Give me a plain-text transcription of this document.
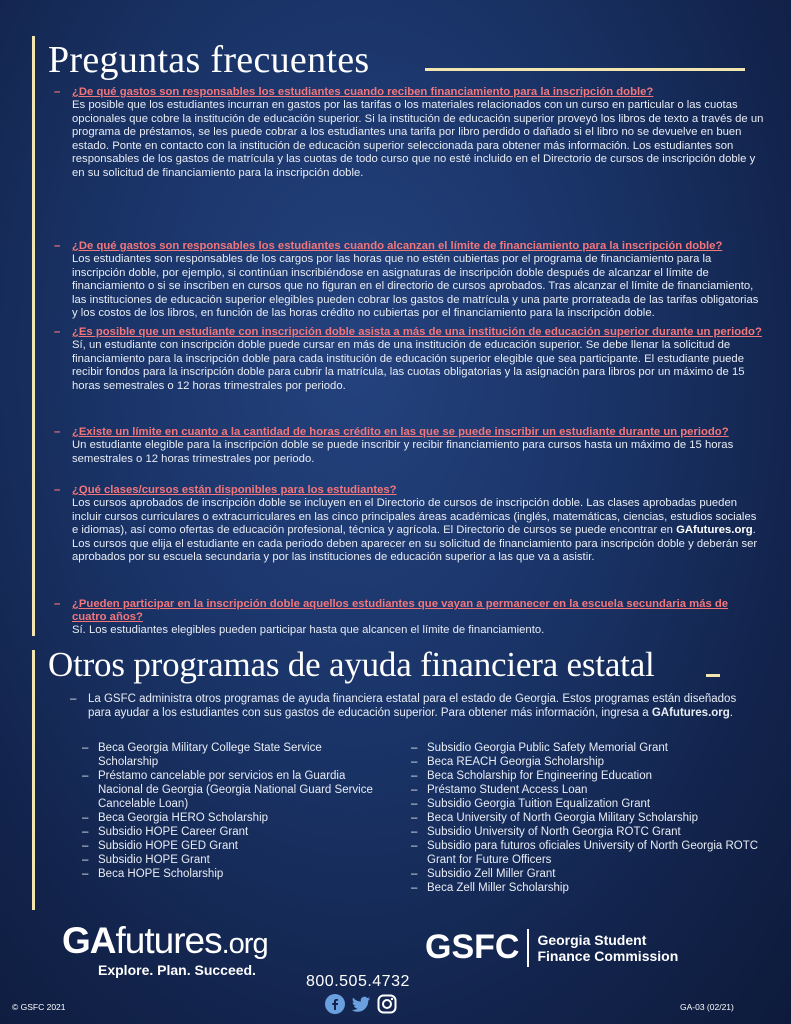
Preguntas frecuentes
– ¿De qué gastos son responsables los estudiantes cuando reciben financiamiento para la inscripción doble?
Es posible que los estudiantes incurran en gastos por las tarifas o los materiales relacionados con un curso en particular o las cuotas opcionales que cobre la institución de educación superior. Si la institución de educación superior proveyó los libros de texto a través de un programa de préstamos, se les puede cobrar a los estudiantes una tarifa por libro perdido o dañado si el libro no se devuelve en buen estado. Ponte en contacto con la institución de educación superior seleccionada para obtener más información. Los estudiantes son responsables de los gastos de matrícula y las cuotas de todo curso que no esté incluido en el Directorio de cursos de inscripción doble y en su solicitud de financiamiento para la inscripción doble.
– ¿De qué gastos son responsables los estudiantes cuando alcanzan el límite de financiamiento para la inscripción doble?
Los estudiantes son responsables de los cargos por las horas que no estén cubiertas por el programa de financiamiento para la inscripción doble, por ejemplo, si continúan inscribiéndose en asignaturas de inscripción doble después de alcanzar el límite de financiamiento o si se inscriben en cursos que no figuran en el directorio de cursos aprobados. Tras alcanzar el límite de financiamiento, las instituciones de educación superior elegibles pueden cobrar los gastos de matrícula y una parte prorrateada de las tarifas obligatorias y los costos de los libros, en función de las horas crédito no cubiertas por el financiamiento para la inscripción doble.
– ¿Es posible que un estudiante con inscripción doble asista a más de una institución de educación superior durante un periodo?
Sí, un estudiante con inscripción doble puede cursar en más de una institución de educación superior. Se debe llenar la solicitud de financiamiento para la inscripción doble para cada institución de educación superior elegible que sea participante. El estudiante puede recibir fondos para la inscripción doble para cubrir la matrícula, las cuotas obligatorias y la asignación para libros por un máximo de 15 horas semestrales o 12 horas trimestrales por periodo.
– ¿Existe un límite en cuanto a la cantidad de horas crédito en las que se puede inscribir un estudiante durante un periodo?
Un estudiante elegible para la inscripción doble se puede inscribir y recibir financiamiento para cursos hasta un máximo de 15 horas semestrales o 12 horas trimestrales por periodo.
– ¿Qué clases/cursos están disponibles para los estudiantes?
Los cursos aprobados de inscripción doble se incluyen en el Directorio de cursos de inscripción doble. Las clases aprobadas pueden incluir cursos curriculares o extracurriculares en las cinco principales áreas académicas (inglés, matemáticas, ciencias, estudios sociales e idiomas), así como ofertas de educación profesional, técnica y agrícola. El Directorio de cursos se puede encontrar en GAfutures.org. Los cursos que elija el estudiante en cada periodo deben aparecer en su solicitud de financiamiento para inscripción doble y deberán ser aprobados por su escuela secundaria y por las instituciones de educación superior a las que va a asistir.
– ¿Pueden participar en la inscripción doble aquellos estudiantes que vayan a permanecer en la escuela secundaria más de cuatro años?
Sí. Los estudiantes elegibles pueden participar hasta que alcancen el límite de financiamiento.
Otros programas de ayuda financiera estatal
–	La GSFC administra otros programas de ayuda financiera estatal para el estado de Georgia. Estos programas están diseñados para ayudar a los estudiantes con sus gastos de educación superior. Para obtener más información, ingresa a GAfutures.org.
– Beca Georgia Military College State Service Scholarship
– Préstamo cancelable por servicios en la Guardia Nacional de Georgia (Georgia National Guard Service Cancelable Loan)
– Beca Georgia HERO Scholarship
– Subsidio HOPE Career Grant
– Subsidio HOPE GED Grant
– Subsidio HOPE Grant
– Beca HOPE Scholarship
– Subsidio Georgia Public Safety Memorial Grant
– Beca REACH Georgia Scholarship
– Beca Scholarship for Engineering Education
– Préstamo Student Access Loan
– Subsidio Georgia Tuition Equalization Grant
– Beca University of North Georgia Military Scholarship
– Subsidio University of North Georgia ROTC Grant
– Subsidio para futuros oficiales University of North Georgia ROTC Grant for Future Officers
– Subsidio Zell Miller Grant
– Beca Zell Miller Scholarship
GAfutures.org
Explore. Plan. Succeed.
GSFC Georgia Student
Finance Commission
800.505.4732
© GSFC 2021	GA-03 (02/21)
